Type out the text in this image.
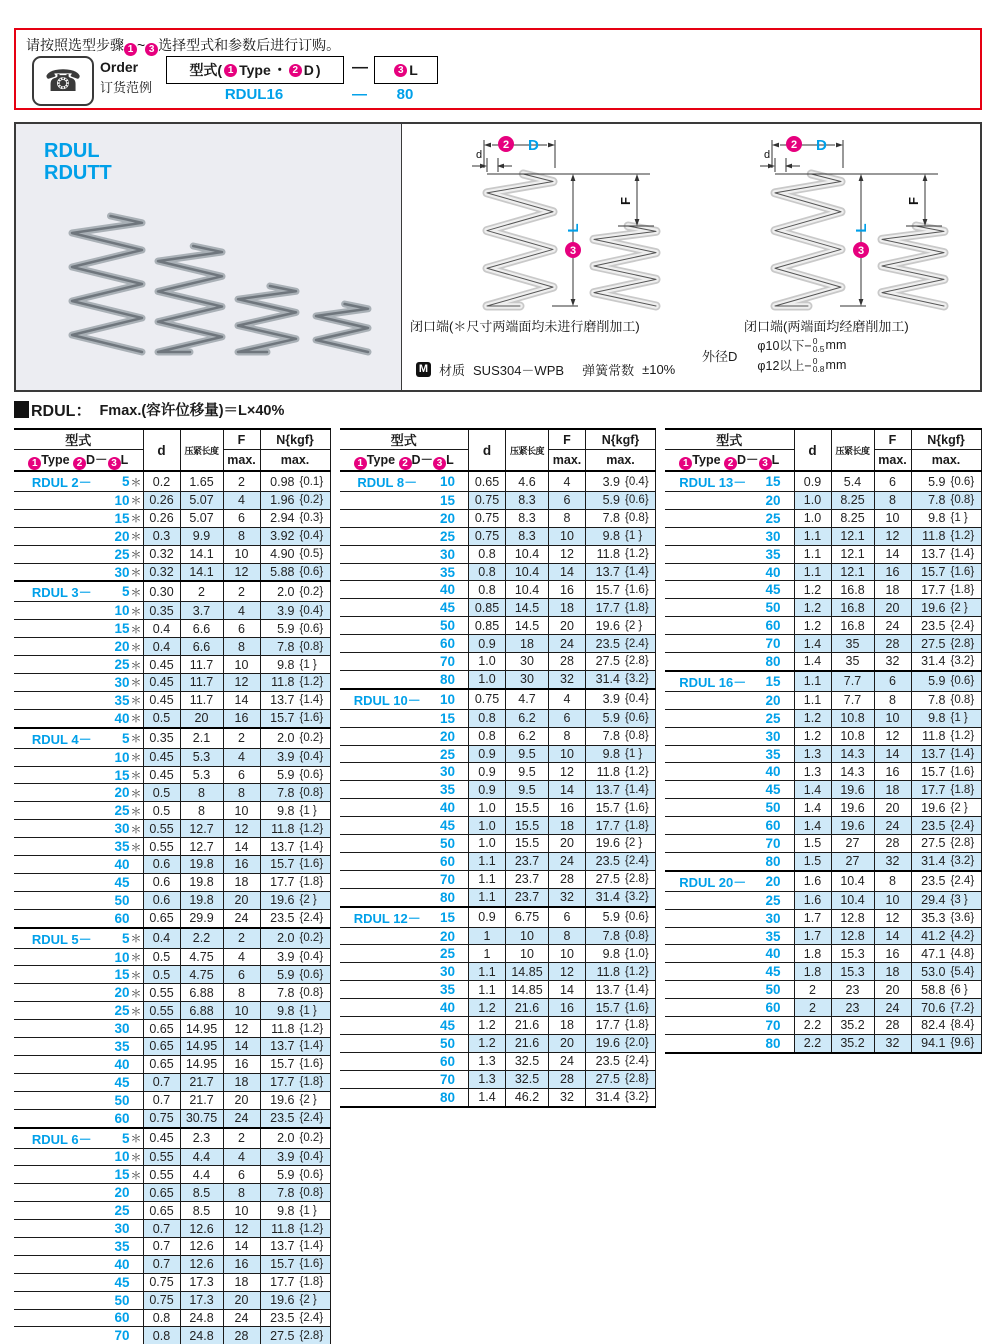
请按照选型步骤 1 ~ 3 选择型式和参数后进行订购。
☎	Order
订货范例
型式( 1 Type ・ 2 D ) —	3 L
RDUL16	—	80
RDUL
RDUTT
d
2 D
L
3
F
d
2 D
L
3
F
闭口端(＊尺寸两端面均未进行磨削加工)	闭口端(两端面均经磨削加工)
M 材质 SUS304－WPB 弹簧常数 ±10%
外径D
φ10以下− 0
0.5 mm
φ12以上− 0
0.8 mm
RDUL： Fmax.(容许位移量)＝L×40%
型式	d	压紧长度	F	N{kgf}
1 Type 2 D－ 3 L			max.	max.

RDUL 2－ 5 ＊	0.2	1.65	2	0.98 {0.1}

10 ＊	0.26	5.07	4	1.96 {0.2}

15 ＊	0.26	5.07	6	2.94 {0.3}

20 ＊	0.3	9.9	8	3.92 {0.4}

25 ＊	0.32	14.1	10	4.90 {0.5}

30 ＊	0.32	14.1	12	5.88 {0.6}

RDUL 3－ 5 ＊	0.30	2	2	2.0 {0.2}

10 ＊	0.35	3.7	4	3.9 {0.4}

15 ＊	0.4	6.6	6	5.9 {0.6}

20 ＊	0.4	6.6	8	7.8 {0.8}

25 ＊	0.45	11.7	10	9.8 {1 }

30 ＊	0.45	11.7	12	11.8 {1.2}

35 ＊	0.45	11.7	14	13.7 {1.4}

40 ＊	0.5	20	16	15.7 {1.6}

RDUL 4－ 5 ＊	0.35	2.1	2	2.0 {0.2}

10 ＊	0.45	5.3	4	3.9 {0.4}

15 ＊	0.45	5.3	6	5.9 {0.6}

20 ＊	0.5	8	8	7.8 {0.8}

25 ＊	0.5	8	10	9.8 {1 }

30 ＊	0.55	12.7	12	11.8 {1.2}

35 ＊	0.55	12.7	14	13.7 {1.4}

40	0.6	19.8	16	15.7 {1.6}

45	0.6	19.8	18	17.7 {1.8}

50	0.6	19.8	20	19.6 {2 }

60	0.65	29.9	24	23.5 {2.4}

RDUL 5－ 5 ＊	0.4	2.2	2	2.0 {0.2}

10 ＊	0.5	4.75	4	3.9 {0.4}

15 ＊	0.5	4.75	6	5.9 {0.6}

20 ＊	0.55	6.88	8	7.8 {0.8}

25 ＊	0.55	6.88	10	9.8 {1 }

30	0.65	14.95	12	11.8 {1.2}

35	0.65	14.95	14	13.7 {1.4}

40	0.65	14.95	16	15.7 {1.6}

45	0.7	21.7	18	17.7 {1.8}

50	0.7	21.7	20	19.6 {2 }

60	0.75	30.75	24	23.5 {2.4}

RDUL 6－ 5 ＊	0.45	2.3	2	2.0 {0.2}

10 ＊	0.55	4.4	4	3.9 {0.4}

15 ＊	0.55	4.4	6	5.9 {0.6}

20	0.65	8.5	8	7.8 {0.8}

25	0.65	8.5	10	9.8 {1 }

30	0.7	12.6	12	11.8 {1.2}

35	0.7	12.6	14	13.7 {1.4}

40	0.7	12.6	16	15.7 {1.6}

45	0.75	17.3	18	17.7 {1.8}

50	0.75	17.3	20	19.6 {2 }

60	0.8	24.8	24	23.5 {2.4}

70	0.8	24.8	28	27.5 {2.8}
型式	d	压紧长度	F	N{kgf}
1 Type 2 D－ 3 L			max.	max.

RDUL 8－ 10	0.65	4.6	4	3.9 {0.4}

15	0.75	8.3	6	5.9 {0.6}

20	0.75	8.3	8	7.8 {0.8}

25	0.75	8.3	10	9.8 {1 }

30	0.8	10.4	12	11.8 {1.2}

35	0.8	10.4	14	13.7 {1.4}

40	0.8	10.4	16	15.7 {1.6}

45	0.85	14.5	18	17.7 {1.8}

50	0.85	14.5	20	19.6 {2 }

60	0.9	18	24	23.5 {2.4}

70	1.0	30	28	27.5 {2.8}

80	1.0	30	32	31.4 {3.2}

RDUL 10－ 10	0.75	4.7	4	3.9 {0.4}

15	0.8	6.2	6	5.9 {0.6}

20	0.8	6.2	8	7.8 {0.8}

25	0.9	9.5	10	9.8 {1 }

30	0.9	9.5	12	11.8 {1.2}

35	0.9	9.5	14	13.7 {1.4}

40	1.0	15.5	16	15.7 {1.6}

45	1.0	15.5	18	17.7 {1.8}

50	1.0	15.5	20	19.6 {2 }

60	1.1	23.7	24	23.5 {2.4}

70	1.1	23.7	28	27.5 {2.8}

80	1.1	23.7	32	31.4 {3.2}

RDUL 12－ 15	0.9	6.75	6	5.9 {0.6}

20	1	10	8	7.8 {0.8}

25	1	10	10	9.8 {1.0}

30	1.1	14.85	12	11.8 {1.2}

35	1.1	14.85	14	13.7 {1.4}

40	1.2	21.6	16	15.7 {1.6}

45	1.2	21.6	18	17.7 {1.8}

50	1.2	21.6	20	19.6 {2.0}

60	1.3	32.5	24	23.5 {2.4}

70	1.3	32.5	28	27.5 {2.8}

80	1.4	46.2	32	31.4 {3.2}
型式	d	压紧长度	F	N{kgf}
1 Type 2 D－ 3 L			max.	max.

RDUL 13－ 15	0.9	5.4	6	5.9 {0.6}

20	1.0	8.25	8	7.8 {0.8}

25	1.0	8.25	10	9.8 {1 }

30	1.1	12.1	12	11.8 {1.2}

35	1.1	12.1	14	13.7 {1.4}

40	1.1	12.1	16	15.7 {1.6}

45	1.2	16.8	18	17.7 {1.8}

50	1.2	16.8	20	19.6 {2 }

60	1.2	16.8	24	23.5 {2.4}

70	1.4	35	28	27.5 {2.8}

80	1.4	35	32	31.4 {3.2}

RDUL 16－ 15	1.1	7.7	6	5.9 {0.6}

20	1.1	7.7	8	7.8 {0.8}

25	1.2	10.8	10	9.8 {1 }

30	1.2	10.8	12	11.8 {1.2}

35	1.3	14.3	14	13.7 {1.4}

40	1.3	14.3	16	15.7 {1.6}

45	1.4	19.6	18	17.7 {1.8}

50	1.4	19.6	20	19.6 {2 }

60	1.4	19.6	24	23.5 {2.4}

70	1.5	27	28	27.5 {2.8}

80	1.5	27	32	31.4 {3.2}

RDUL 20－ 20	1.6	10.4	8	23.5 {2.4}

25	1.6	10.4	10	29.4 {3 }

30	1.7	12.8	12	35.3 {3.6}

35	1.7	12.8	14	41.2 {4.2}

40	1.8	15.3	16	47.1 {4.8}

45	1.8	15.3	18	53.0 {5.4}

50	2	23	20	58.8 {6 }

60	2	23	24	70.6 {7.2}

70	2.2	35.2	28	82.4 {8.4}

80	2.2	35.2	32	94.1 {9.6}
